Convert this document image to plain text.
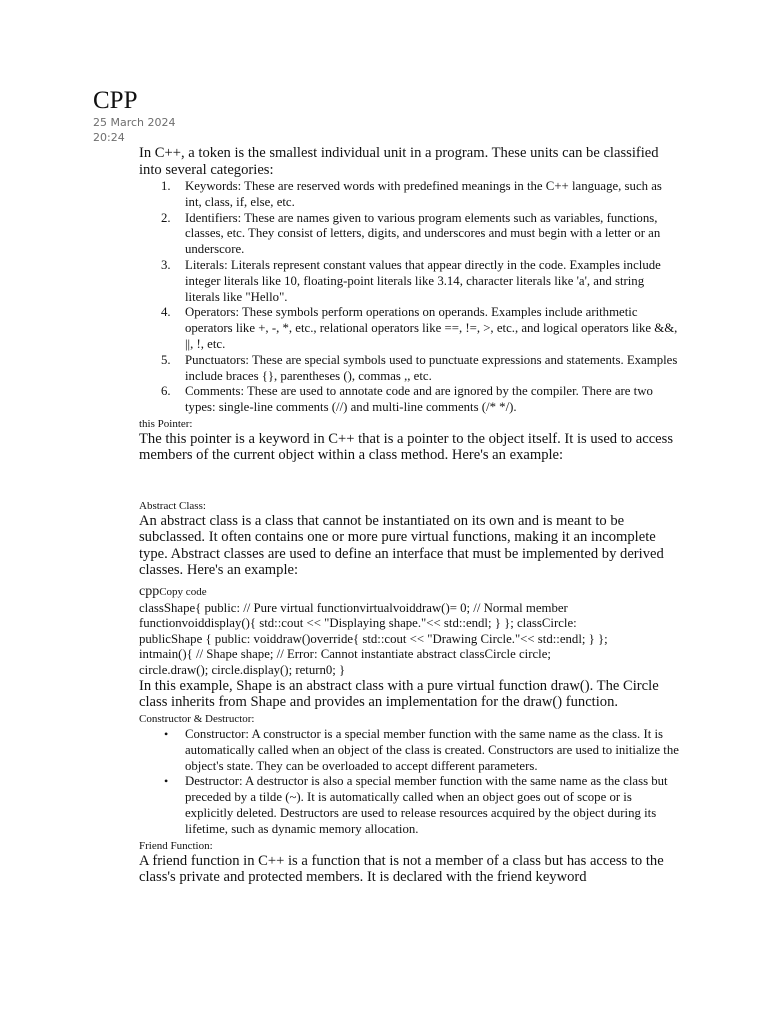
CPP
25 March 2024
20:24

In C++, a token is the smallest individual unit in a program. These units can be classified into several categories:

1. Keywords: These are reserved words with predefined meanings in the C++ language, such as int, class, if, else, etc.
2. Identifiers: These are names given to various program elements such as variables, functions, classes, etc. They consist of letters, digits, and underscores and must begin with a letter or an underscore.
3. Literals: Literals represent constant values that appear directly in the code. Examples include integer literals like 10, floating-point literals like 3.14, character literals like 'a', and string literals like "Hello".
4. Operators: These symbols perform operations on operands. Examples include arithmetic operators like +, -, *, etc., relational operators like ==, !=, >, etc., and logical operators like &&, ||, !, etc.
5. Punctuators: These are special symbols used to punctuate expressions and statements. Examples include braces {}, parentheses (), commas ,, etc.
6. Comments: These are used to annotate code and are ignored by the compiler. There are two types: single-line comments (//) and multi-line comments (/* */).
this Pointer:

The this pointer is a keyword in C++ that is a pointer to the object itself. It is used to access members of the current object within a class method. Here's an example:

Abstract Class:

An abstract class is a class that cannot be instantiated on its own and is meant to be subclassed. It often contains one or more pure virtual functions, making it an incomplete type. Abstract classes are used to define an interface that must be implemented by derived classes. Here's an example:

cppCopy code
classShape{ public: // Pure virtual functionvirtualvoiddraw()= 0; // Normal member
functionvoiddisplay(){ std::cout << "Displaying shape."<< std::endl; } }; classCircle:
publicShape { public: voiddraw()override{ std::cout << "Drawing Circle."<< std::endl; } };
intmain(){ // Shape shape; // Error: Cannot instantiate abstract classCircle circle;
circle.draw(); circle.display(); return0; }

In this example, Shape is an abstract class with a pure virtual function draw(). The Circle class inherits from Shape and provides an implementation for the draw() function.

Constructor & Destructor:
• Constructor: A constructor is a special member function with the same name as the class. It is automatically called when an object of the class is created. Constructors are used to initialize the object's state. They can be overloaded to accept different parameters.
• Destructor: A destructor is also a special member function with the same name as the class but preceded by a tilde (~). It is automatically called when an object goes out of scope or is explicitly deleted. Destructors are used to release resources acquired by the object during its lifetime, such as dynamic memory allocation.
Friend Function:

A friend function in C++ is a function that is not a member of a class but has access to the class's private and protected members. It is declared with the friend keyword
